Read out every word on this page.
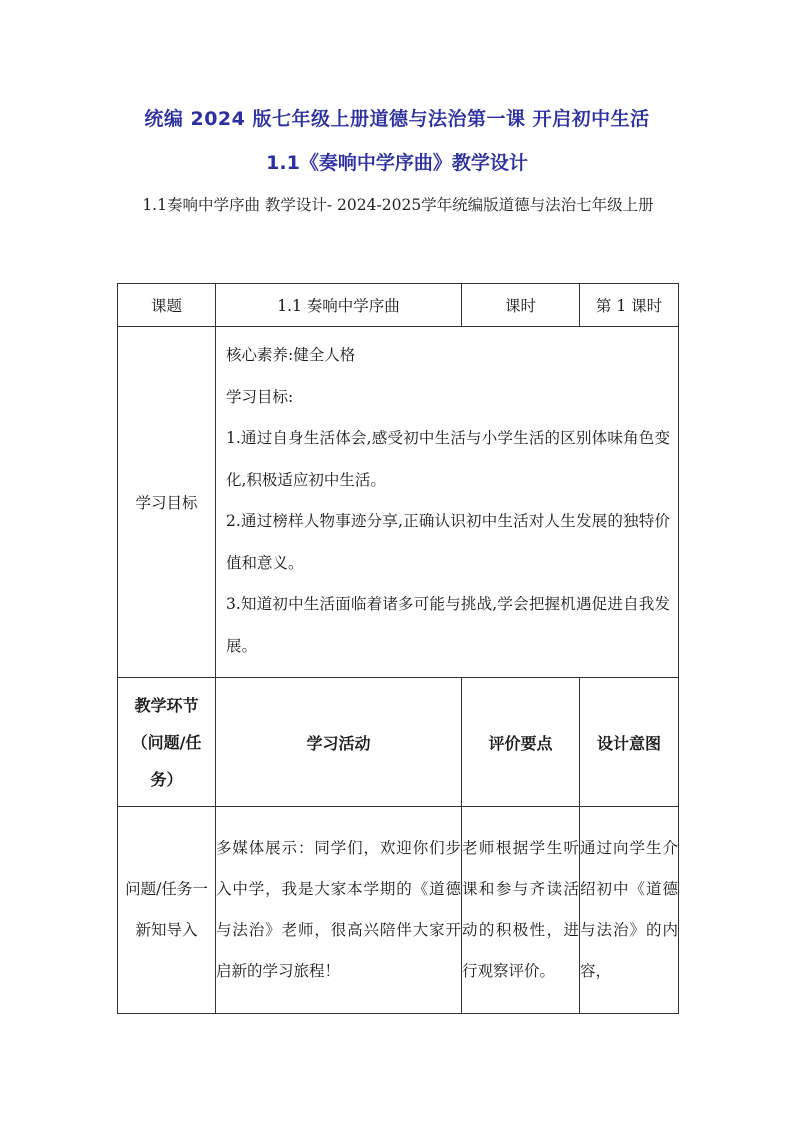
统编 2024 版七年级上册道德与法治第一课 开启初中生活
1.1《奏响中学序曲》教学设计
1.1奏响中学序曲 教学设计- 2024-2025学年统编版道德与法治七年级上册
课题	1.1 奏响中学序曲	课时	第 1 课时
学习目标	核心素养:健全人格
学习目标:
1.通过自身生活体会,感受初中生活与小学生活的区别体味角色变化,积极适应初中生活。
2.通过榜样人物事迹分享,正确认识初中生活对人生发展的独特价值和意义。
3.知道初中生活面临着诸多可能与挑战,学会把握机遇促进自我发展。		

教学环节（问题/任务）	学习活动	评价要点	设计意图
问题/任务一新知导入	多媒体展示：同学们，欢迎你们步入中学，我是大家本学期的《道德与法治》老师，很高兴陪伴大家开启新的学习旅程！	老师根据学生听课和参与齐读活动的积极性，进行观察评价。	通过向学生介绍初中《道德与法治》的内容，
